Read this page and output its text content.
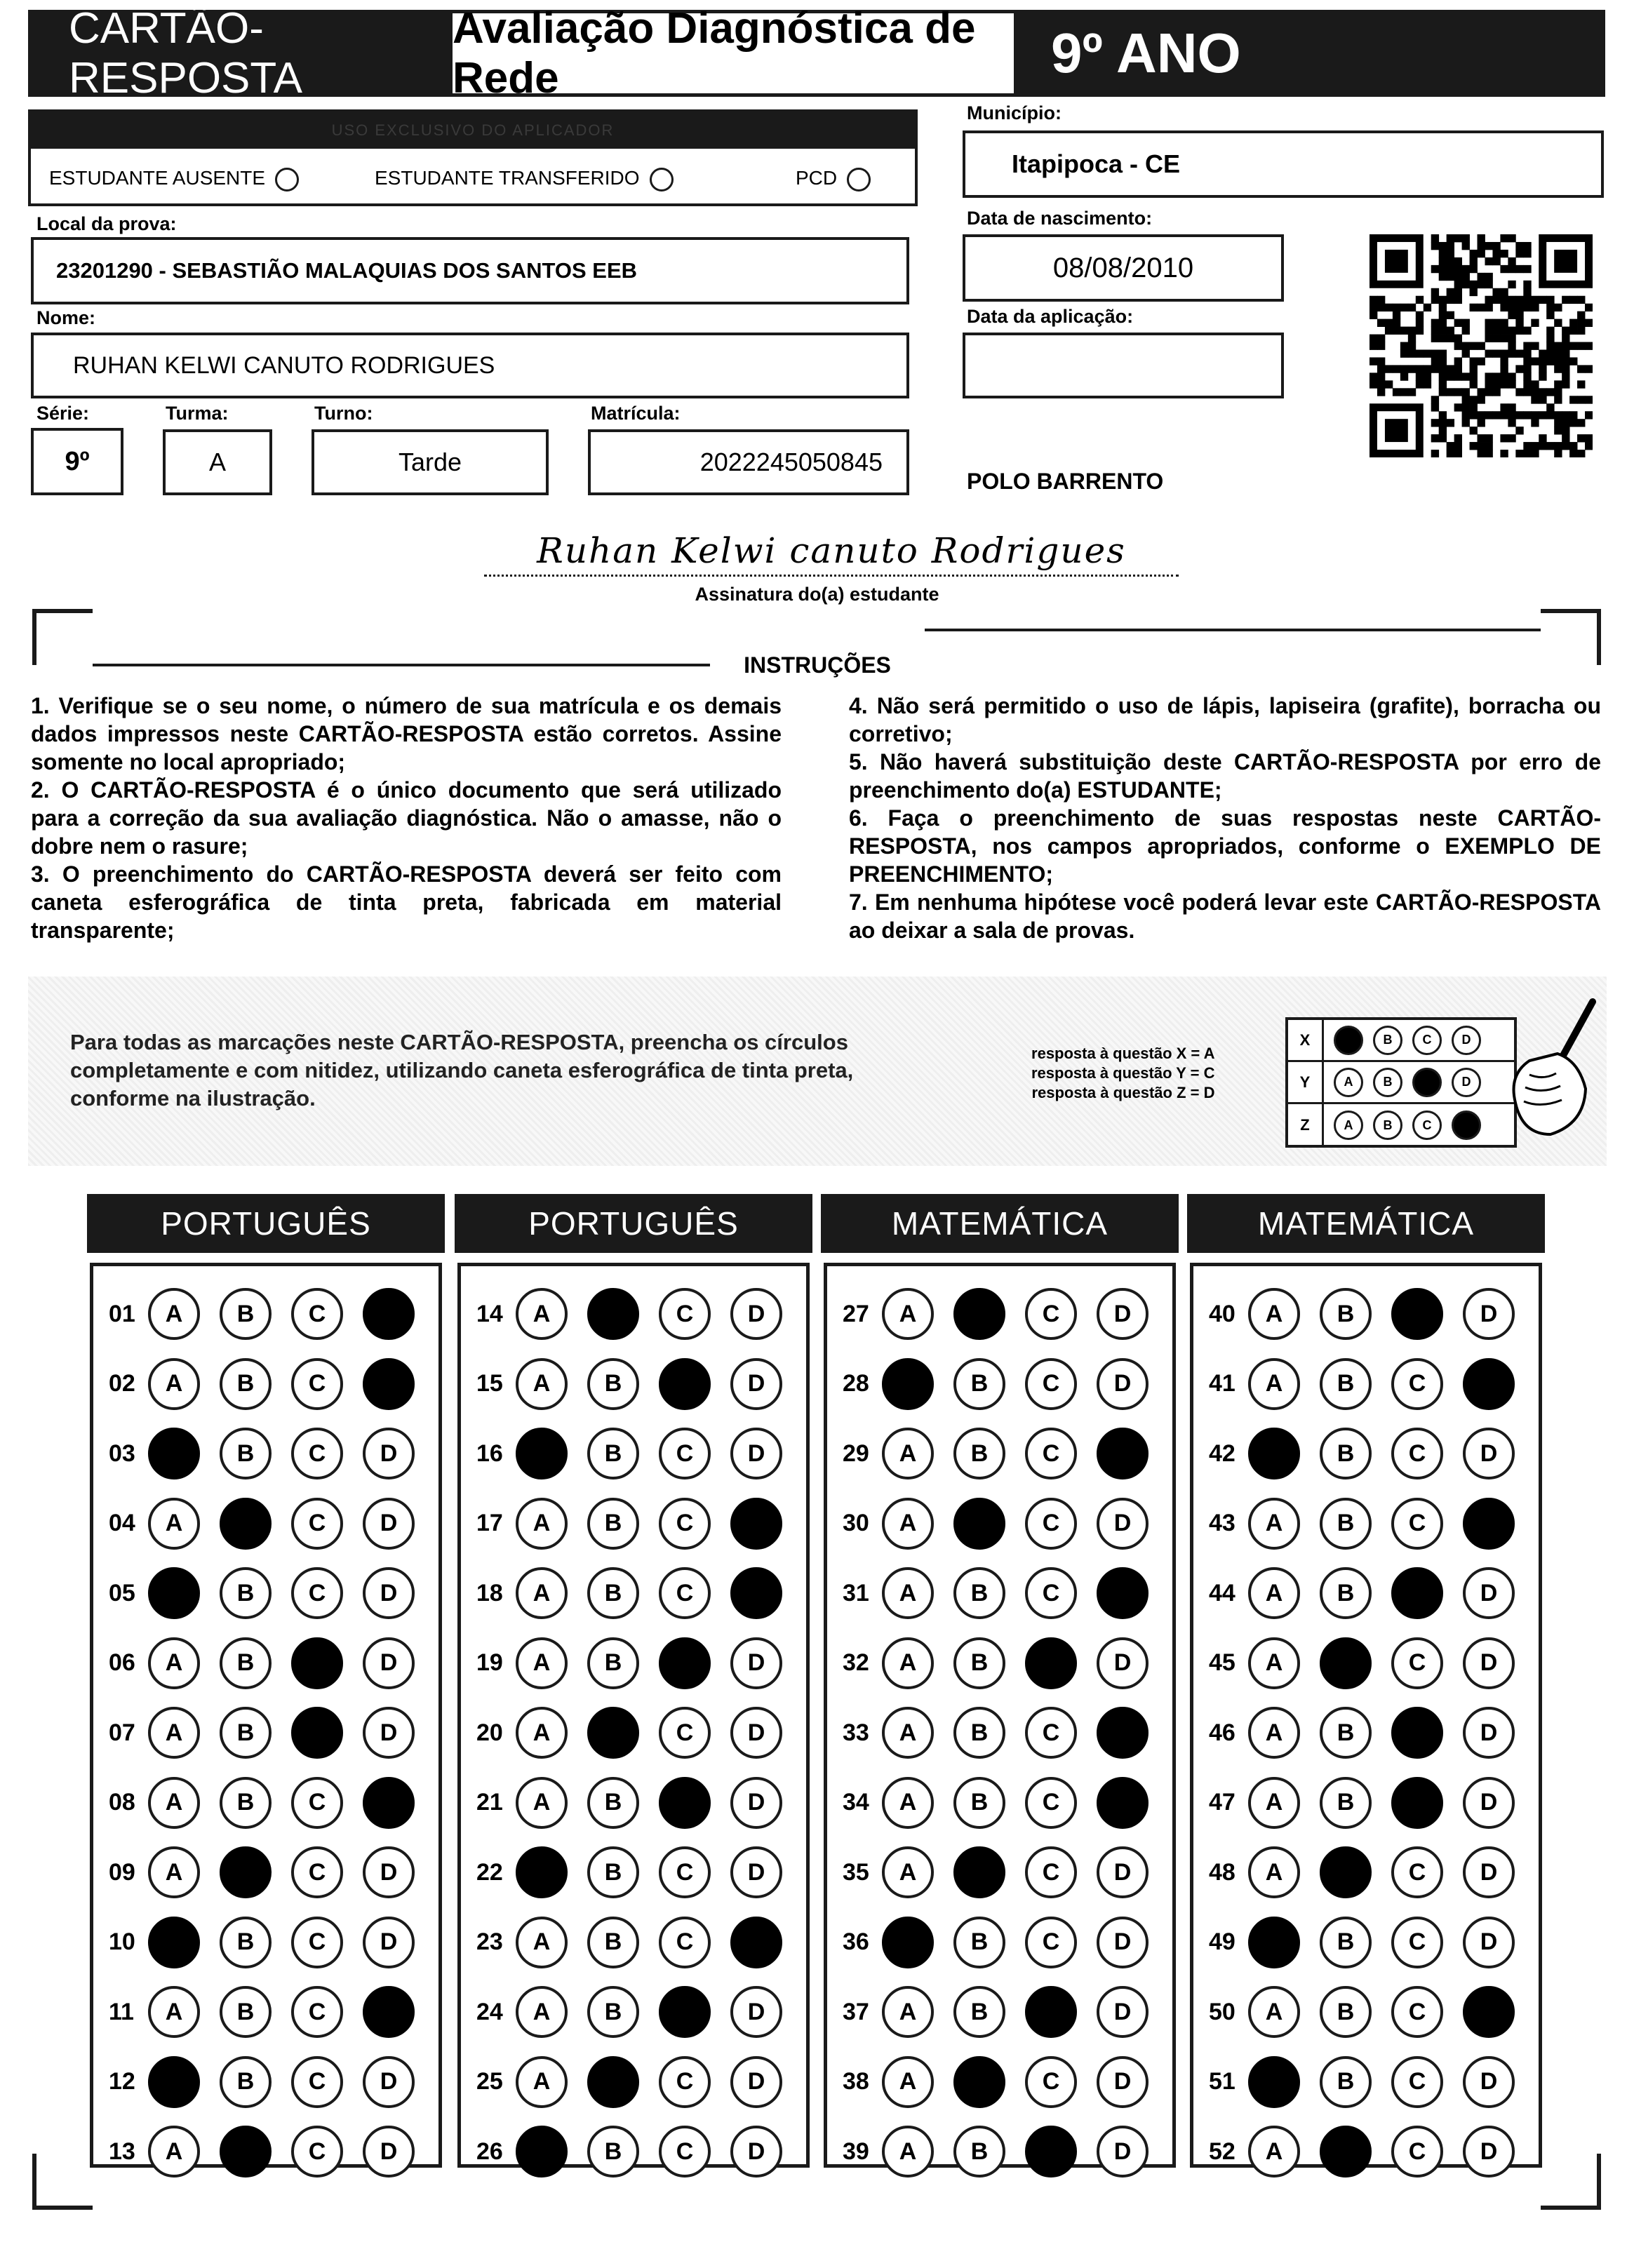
CARTÃO-RESPOSTA
Avaliação Diagnóstica de Rede	9º ANO
USO EXCLUSIVO DO APLICADOR
ESTUDANTE AUSENTE	ESTUDANTE TRANSFERIDO	PCD
Local da prova:
23201290 - SEBASTIÃO MALAQUIAS DOS SANTOS EEB
Nome:
RUHAN KELWI CANUTO RODRIGUES
Série:
9º
Turma:
A
Turno:
Tarde
Matrícula:
2022245050845
Município:
Itapipoca - CE
Data de nascimento:
08/08/2010
Data da aplicação:
POLO BARRENTO
Ruhan Kelwi canuto Rodrigues
Assinatura do(a) estudante
INSTRUÇÕES

1. Verifique se o seu nome, o número de sua matrícula e os demais dados impressos neste CARTÃO-RESPOSTA estão corretos. Assine somente no local apropriado;

2. O CARTÃO-RESPOSTA é o único documento que será utilizado para a correção da sua avaliação diagnóstica. Não o amasse, não o dobre nem o rasure;

3. O preenchimento do CARTÃO-RESPOSTA deverá ser feito com caneta esferográfica de tinta preta, fabricada em material transparente;

4. Não será permitido o uso de lápis, lapiseira (grafite), borracha ou corretivo;

5. Não haverá substituição deste CARTÃO-RESPOSTA por erro de preenchimento do(a) ESTUDANTE;

6. Faça o preenchimento de suas respostas neste CARTÃO-RESPOSTA, nos campos apropriados, conforme o EXEMPLO DE PREENCHIMENTO;

7. Em nenhuma hipótese você poderá levar este CARTÃO-RESPOSTA ao deixar a sala de provas.

Para todas as marcações neste CARTÃO-RESPOSTA, preencha os círculos completamente e com nitidez, utilizando caneta esferográfica de tinta preta, conforme na ilustração.
resposta à questão X = A
resposta à questão Y = C
resposta à questão Z = D
X	A	B	C	D
Y	A	B	C	D
Z	A	B	C	D
PORTUGUÊS
01	A	B	C	D
02	A	B	C	D
03	A	B	C	D
04	A	B	C	D
05	A	B	C	D
06	A	B	C	D
07	A	B	C	D
08	A	B	C	D
09	A	B	C	D
10	A	B	C	D
11	A	B	C	D
12	A	B	C	D
13	A	B	C	D
PORTUGUÊS
14	A	B	C	D
15	A	B	C	D
16	A	B	C	D
17	A	B	C	D
18	A	B	C	D
19	A	B	C	D
20	A	B	C	D
21	A	B	C	D
22	A	B	C	D
23	A	B	C	D
24	A	B	C	D
25	A	B	C	D
26	A	B	C	D
MATEMÁTICA
27	A	B	C	D
28	A	B	C	D
29	A	B	C	D
30	A	B	C	D
31	A	B	C	D
32	A	B	C	D
33	A	B	C	D
34	A	B	C	D
35	A	B	C	D
36	A	B	C	D
37	A	B	C	D
38	A	B	C	D
39	A	B	C	D
MATEMÁTICA
40	A	B	C	D
41	A	B	C	D
42	A	B	C	D
43	A	B	C	D
44	A	B	C	D
45	A	B	C	D
46	A	B	C	D
47	A	B	C	D
48	A	B	C	D
49	A	B	C	D
50	A	B	C	D
51	A	B	C	D
52	A	B	C	D
